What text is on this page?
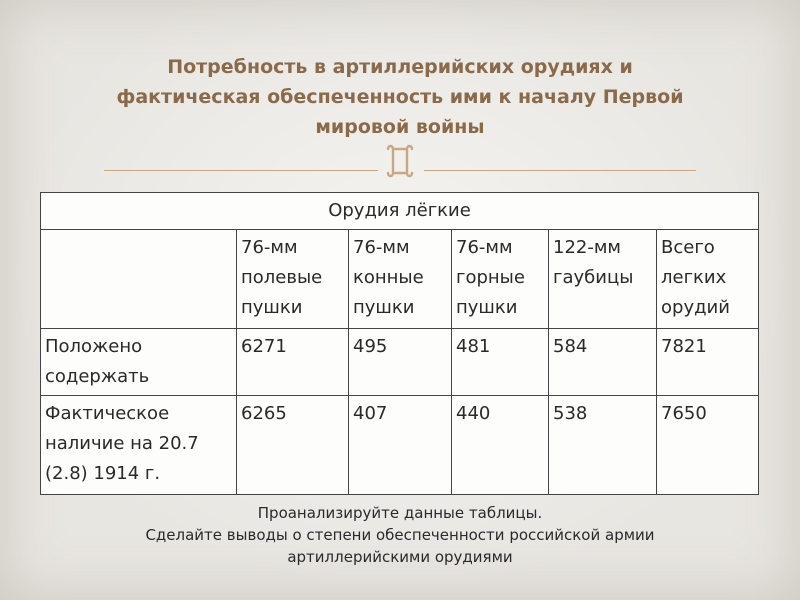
Потребность в артиллерийских орудиях и
фактическая обеспеченность ими к началу Первой
мировой войны
Орудия лёгкие					
	76-мм полевые пушки	76-мм конные пушки	76-мм горные пушки	122-мм гаубицы	Всего легких орудий
Положено содержать	6271	495	481	584	7821
Фактическое наличие на 20.7 (2.8) 1914 г.	6265	407	440	538	7650

Проанализируйте данные таблицы.
Сделайте выводы о степени обеспеченности российской армии
артиллерийскими орудиями
